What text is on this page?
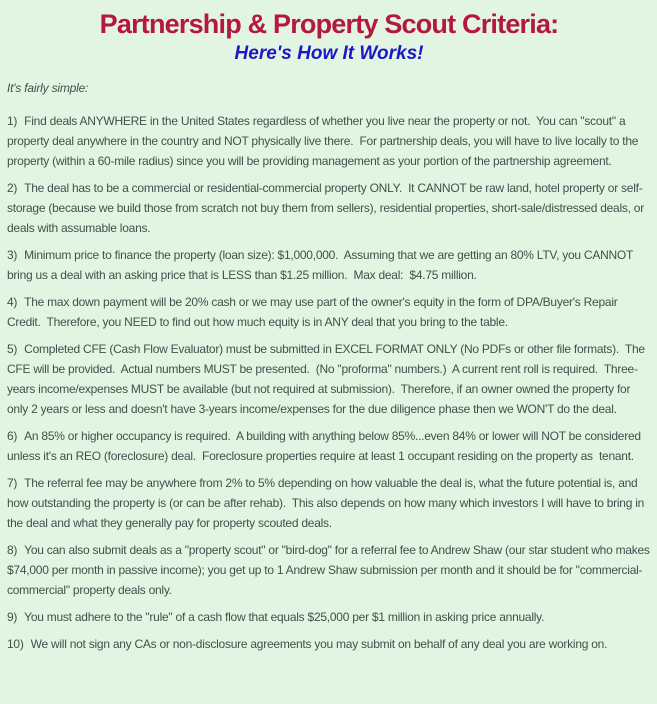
Partnership & Property Scout Criteria:
Here's How It Works!

It's fairly simple:

1) Find deals ANYWHERE in the United States regardless of whether you live near the property or not.  You can "scout" a property deal anywhere in the country and NOT physically live there.  For partnership deals, you will have to live locally to the property (within a 60-mile radius) since you will be providing management as your portion of the partnership agreement.

2) The deal has to be a commercial or residential-commercial property ONLY.  It CANNOT be raw land, hotel property or self-storage (because we build those from scratch not buy them from sellers), residential properties, short-sale/distressed deals, or deals with assumable loans.

3) Minimum price to finance the property (loan size): $1,000,000.  Assuming that we are getting an 80% LTV, you CANNOT bring us a deal with an asking price that is LESS than $1.25 million.  Max deal:  $4.75 million.

4) The max down payment will be 20% cash or we may use part of the owner's equity in the form of DPA/Buyer's Repair Credit.  Therefore, you NEED to find out how much equity is in ANY deal that you bring to the table.

5) Completed CFE (Cash Flow Evaluator) must be submitted in EXCEL FORMAT ONLY (No PDFs or other file formats).  The CFE will be provided.  Actual numbers MUST be presented.  (No "proforma" numbers.)  A current rent roll is required.  Three-years income/expenses MUST be available (but not required at submission).  Therefore, if an owner owned the property for only 2 years or less and doesn't have 3-years income/expenses for the due diligence phase then we WON'T do the deal.

6) An 85% or higher occupancy is required.  A building with anything below 85%...even 84% or lower will NOT be considered unless it's an REO (foreclosure) deal.  Foreclosure properties require at least 1 occupant residing on the property as  tenant.

7) The referral fee may be anywhere from 2% to 5% depending on how valuable the deal is, what the future potential is, and how outstanding the property is (or can be after rehab).  This also depends on how many which investors I will have to bring in the deal and what they generally pay for property scouted deals.

8) You can also submit deals as a "property scout" or "bird-dog" for a referral fee to Andrew Shaw (our star student who makes $74,000 per month in passive income); you get up to 1 Andrew Shaw submission per month and it should be for "commercial-commercial" property deals only.

9) You must adhere to the "rule" of a cash flow that equals $25,000 per $1 million in asking price annually.

10) We will not sign any CAs or non-disclosure agreements you may submit on behalf of any deal you are working on.
